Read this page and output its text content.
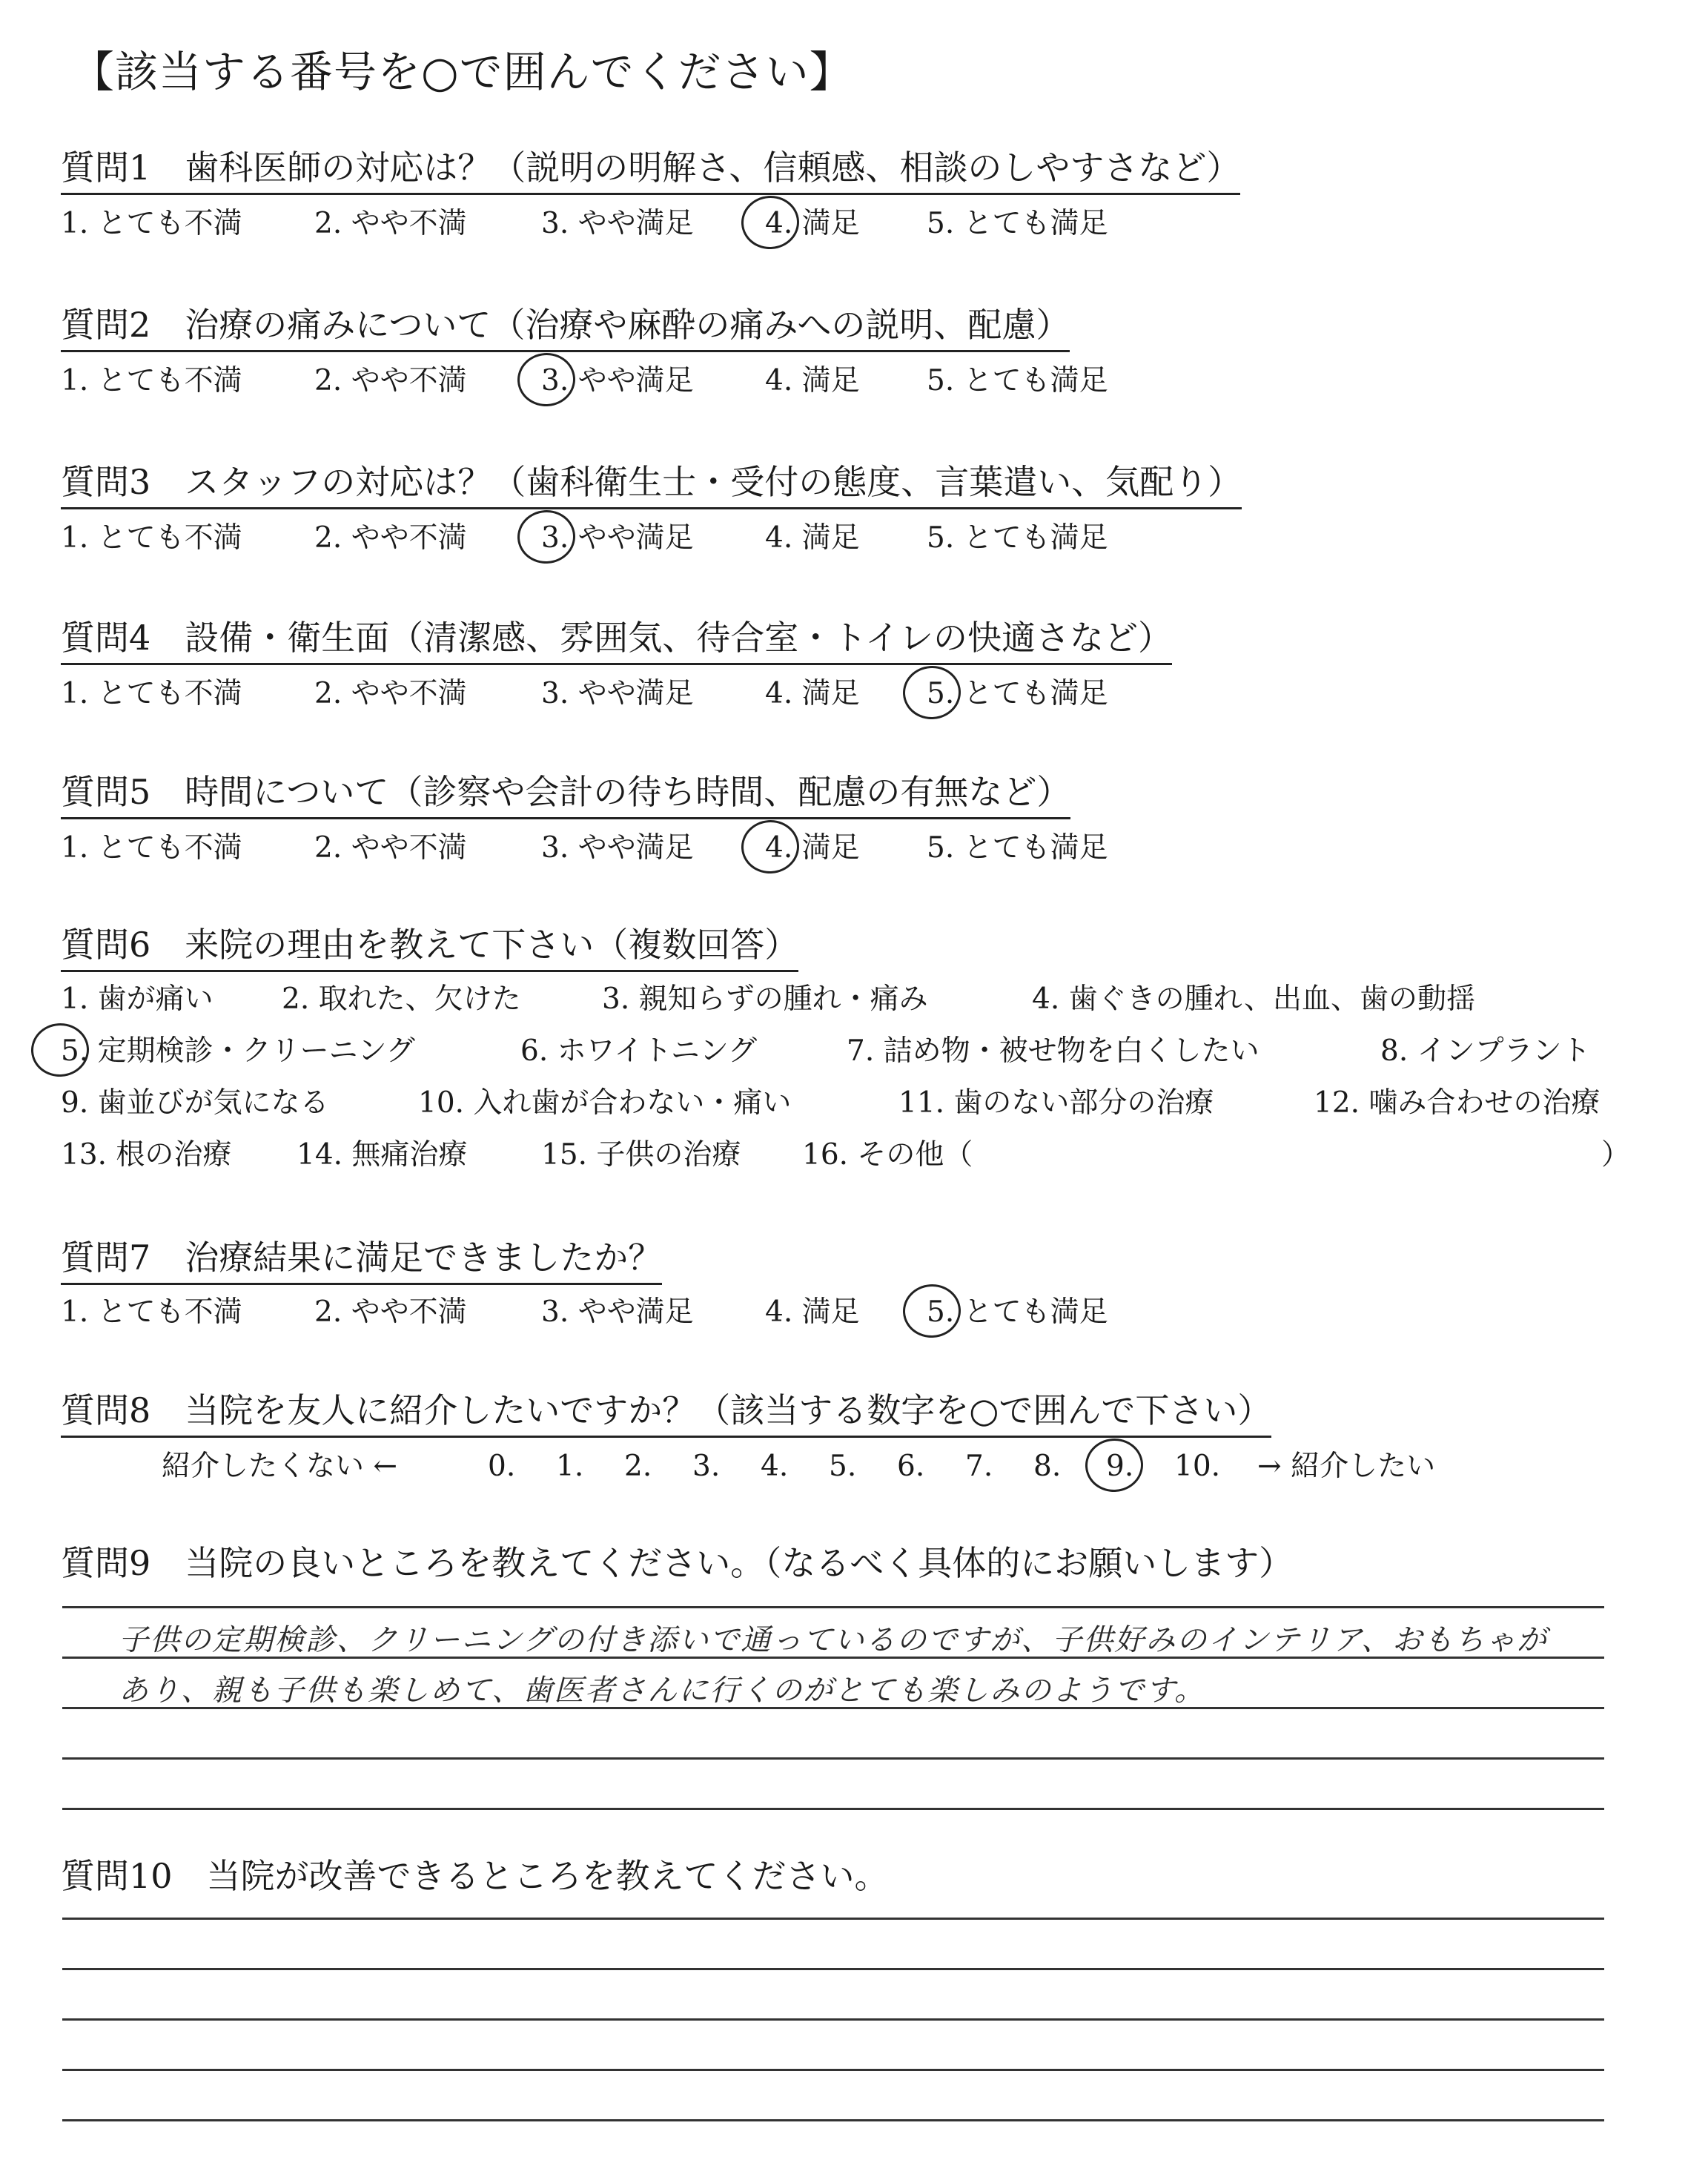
【該当する番号を○で囲んでください】
質問1　歯科医師の対応は？（説明の明解さ、信頼感、相談のしやすさなど）
1. とても不満 2. やや不満	3. やや満足 4. 満足 5. とても満足
質問2　治療の痛みについて（治療や麻酔の痛みへの説明、配慮）
1. とても不満 2. やや不満	3. やや満足 4. 満足 5. とても満足
質問3　スタッフの対応は？（歯科衛生士・受付の態度、言葉遣い、気配り）
1. とても不満 2. やや不満	3. やや満足 4. 満足 5. とても満足
質問4　設備・衛生面（清潔感、雰囲気、待合室・トイレの快適さなど）
1. とても不満 2. やや不満	3. やや満足 4. 満足 5. とても満足
質問5　時間について（診察や会計の待ち時間、配慮の有無など）
1. とても不満 2. やや不満	3. やや満足 4. 満足 5. とても満足
質問6　来院の理由を教えて下さい（複数回答）
1. 歯が痛い 2. 取れた、欠けた	3. 親知らずの腫れ・痛み	4. 歯ぐきの腫れ、出血、歯の動揺
5. 定期検診・クリーニング	6. ホワイトニング	7. 詰め物・被せ物を白くしたい	8. インプラント
9. 歯並びが気になる	10. 入れ歯が合わない・痛い	11. 歯のない部分の治療	12. 噛み合わせの治療
13. 根の治療 14. 無痛治療	15. 子供の治療 16. その他（	）
質問7　治療結果に満足できましたか？
1. とても不満 2. やや不満	3. やや満足 4. 満足 5. とても満足
質問8　当院を友人に紹介したいですか？（該当する数字を○で囲んで下さい）
紹介したくない ←	0. 1. 2. 3. 4. 5. 6. 7. 8. 9. 10. → 紹介したい
質問9　当院の良いところを教えてください。（なるべく具体的にお願いします）
子供の定期検診、クリーニングの付き添いで通っているのですが、子供好みのインテリア、おもちゃが
あり、親も子供も楽しめて、歯医者さんに行くのがとても楽しみのようです。
質問10　当院が改善できるところを教えてください。
